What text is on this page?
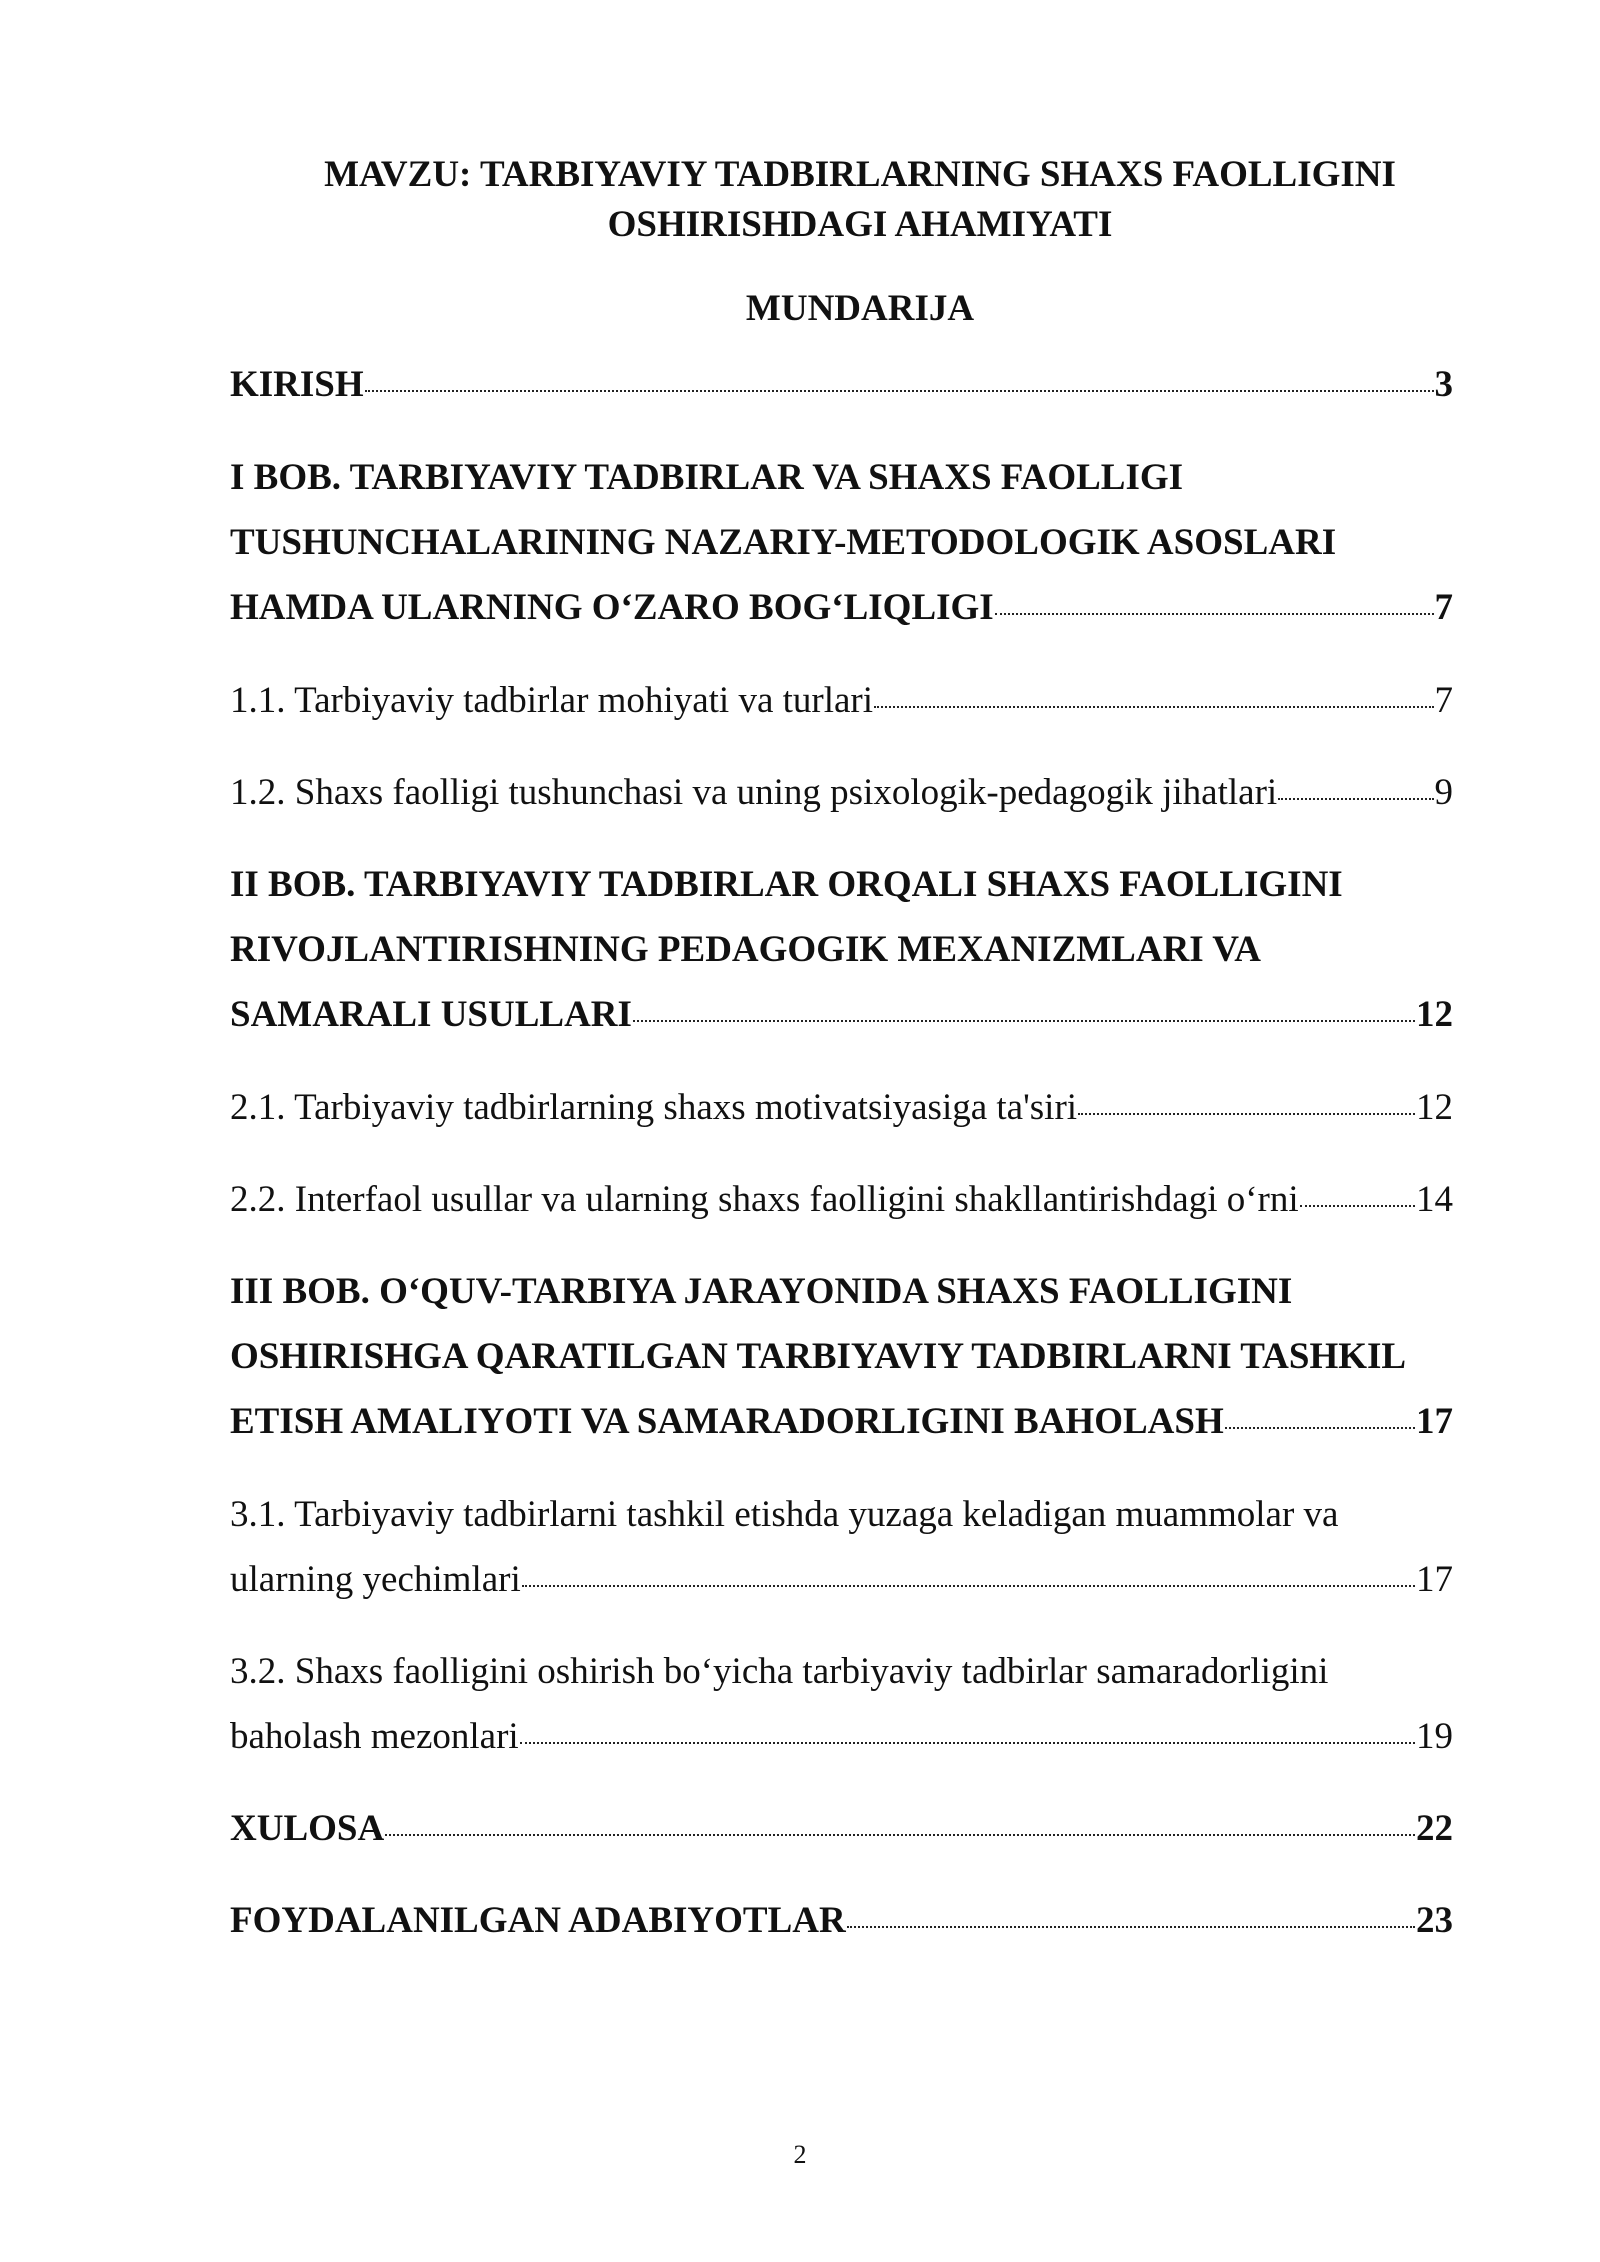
MAVZU: TARBIYAVIY TADBIRLARNING SHAXS FAOLLIGINI
OSHIRISHDAGI AHAMIYATI
MUNDARIJA
KIRISH	3
I BOB. TARBIYAVIY TADBIRLAR VA SHAXS FAOLLIGI
TUSHUNCHALARINING NAZARIY-METODOLOGIK ASOSLARI
HAMDA ULARNING O‘ZARO BOG‘LIQLIGI	7
1.1. Tarbiyaviy tadbirlar mohiyati va turlari	7
1.2. Shaxs faolligi tushunchasi va uning psixologik-pedagogik jihatlari	9
II BOB. TARBIYAVIY TADBIRLAR ORQALI SHAXS FAOLLIGINI
RIVOJLANTIRISHNING PEDAGOGIK MEXANIZMLARI VA
SAMARALI USULLARI	12
2.1. Tarbiyaviy tadbirlarning shaxs motivatsiyasiga ta'siri	12
2.2. Interfaol usullar va ularning shaxs faolligini shakllantirishdagi o‘rni	14
III BOB. O‘QUV-TARBIYA JARAYONIDA SHAXS FAOLLIGINI
OSHIRISHGA QARATILGAN TARBIYAVIY TADBIRLARNI TASHKIL
ETISH AMALIYOTI VA SAMARADORLIGINI BAHOLASH	17
3.1. Tarbiyaviy tadbirlarni tashkil etishda yuzaga keladigan muammolar va
ularning yechimlari	17
3.2. Shaxs faolligini oshirish bo‘yicha tarbiyaviy tadbirlar samaradorligini
baholash mezonlari	19
XULOSA	22
FOYDALANILGAN ADABIYOTLAR	23
2
